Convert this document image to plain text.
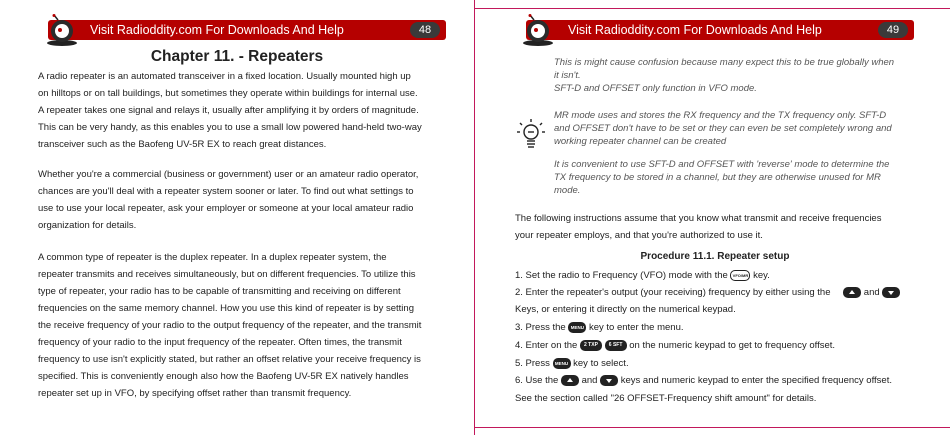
Visit Radioddity.com For Downloads And Help	48
Chapter 11. - Repeaters
A radio repeater is an automated transceiver in a fixed location. Usually mounted high up
on hilltops or on tall buildings, but sometimes they operate within buildings for internal use.
A repeater takes one signal and relays it, usually after amplifying it by orders of magnitude.
This can be very handy, as this enables you to use a small low powered hand-held two-way
transceiver such as the Baofeng UV-5R EX to reach great distances.
Whether you're a commercial (business or government) user or an amateur radio operator,
chances are you'll deal with a repeater system sooner or later. To find out what settings to
use to use your local repeater, ask your employer or someone at your local amateur radio
organization for details.
A common type of repeater is the duplex repeater. In a duplex repeater system, the
repeater transmits and receives simultaneously, but on different frequencies. To utilize this
type of repeater, your radio has to be capable of transmitting and receiving on different
frequencies on the same memory channel. How you use this kind of repeater is by setting
the receive frequency of your radio to the output frequency of the repeater, and the transmit
frequency of your radio to the input frequency of the repeater. Often times, the transmit
frequency to use isn't explicitly stated, but rather an offset relative your receive frequency is
specified. This is conveniently enough also how the Baofeng UV-5R EX natively handles
repeater set up in VFO, by specifying offset rather than transmit frequency.
Visit Radioddity.com For Downloads And Help	49
This is might cause confusion because many expect this to be true globally when
it isn't.
SFT-D and OFFSET only function in VFO mode.
MR mode uses and stores the RX frequency and the TX frequency only. SFT-D
and OFFSET don't have to be set or they can even be set completely wrong and
working repeater channel can be created
It is convenient to use SFT-D and OFFSET with 'reverse' mode to determine the
TX frequency to be stored in a channel, but they are otherwise unused for MR
mode.
The following instructions assume that you know what transmit and receive frequencies
your repeater employs, and that you're authorized to use it.
Procedure 11.1. Repeater setup
1. Set the radio to Frequency (VFO) mode with the VFO/MR key.
2. Enter the repeater's output (your receiving) frequency by either using the	and
Keys, or entering it directly on the numerical keypad.
3. Press the MENU key to enter the menu.
4. Enter on the 2 TXP 6 SFT on the numeric keypad to get to frequency offset.
5. Press MENU key to select.
6. Use the and keys and numeric keypad to enter the specified frequency offset.
See the section called "26 OFFSET-Frequency shift amount" for details.
